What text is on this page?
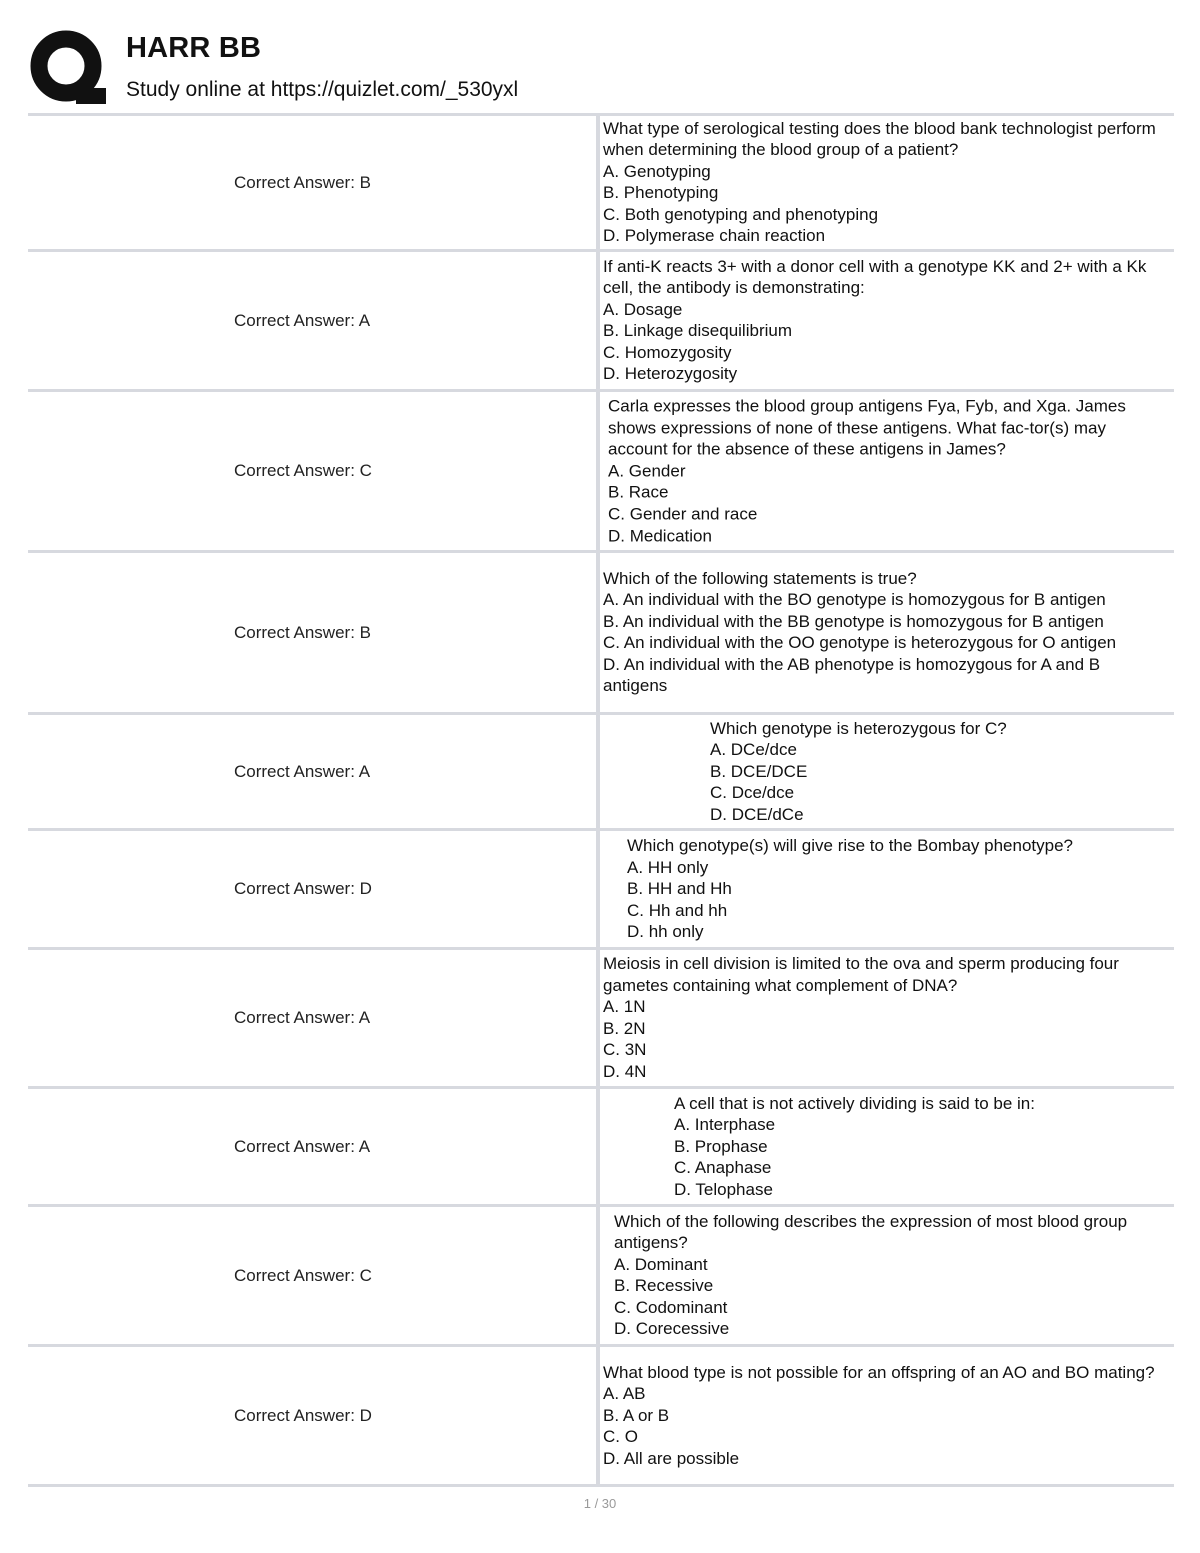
HARR BB
Study online at https://quizlet.com/_530yxl
Correct Answer: B
What type of serological testing does the blood bank technologist perform when determining the blood group of a patient?
A. Genotyping
B. Phenotyping
C. Both genotyping and phenotyping
D. Polymerase chain reaction
Correct Answer: A
If anti-K reacts 3+ with a donor cell with a genotype KK and 2+ with a Kk cell, the antibody is demonstrating:
A. Dosage
B. Linkage disequilibrium
C. Homozygosity
D. Heterozygosity
Correct Answer: C
Carla expresses the blood group antigens Fya, Fyb, and Xga. James shows expressions of none of these antigens. What fac-tor(s) may account for the absence of these antigens in James?
A. Gender
B. Race
C. Gender and race
D. Medication
Correct Answer: B
Which of the following statements is true?
A. An individual with the BO genotype is homozygous for B antigen
B. An individual with the BB genotype is homozygous for B antigen
C. An individual with the OO genotype is heterozygous for O antigen
D. An individual with the AB phenotype is homozygous for A and B antigens
Correct Answer: A
Which genotype is heterozygous for C?
A. DCe/dce
B. DCE/DCE
C. Dce/dce
D. DCE/dCe
Correct Answer: D
Which genotype(s) will give rise to the Bombay phenotype?
A. HH only
B. HH and Hh
C. Hh and hh
D. hh only
Correct Answer: A
Meiosis in cell division is limited to the ova and sperm producing four gametes containing what complement of DNA?
A. 1N
B. 2N
C. 3N
D. 4N
Correct Answer: A
A cell that is not actively dividing is said to be in:
A. Interphase
B. Prophase
C. Anaphase
D. Telophase
Correct Answer: C
Which of the following describes the expression of most blood group antigens?
A. Dominant
B. Recessive
C. Codominant
D. Corecessive
Correct Answer: D
What blood type is not possible for an offspring of an AO and BO mating?
A. AB
B. A or B
C. O
D. All are possible
1 / 30
